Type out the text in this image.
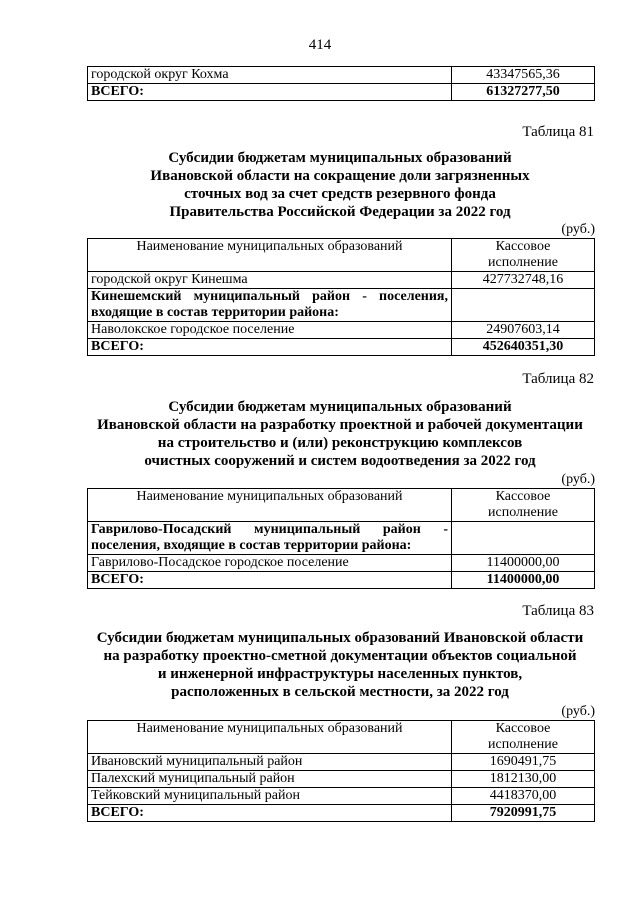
414
городской округ Кохма	43347565,36
ВСЕГО:	61327277,50
Таблица 81
Субсидии бюджетам муниципальных образований
Ивановской области на сокращение доли загрязненных
сточных вод за счет средств резервного фонда
Правительства Российской Федерации за 2022 год
(руб.)
Наименование муниципальных образований	Кассовое
исполнение
городской округ Кинешма	427732748,16
Кинешемский муниципальный район - поселения, входящие в состав территории района:	
Наволокское городское поселение	24907603,14
ВСЕГО:	452640351,30
Таблица 82
Субсидии бюджетам муниципальных образований
Ивановской области на разработку проектной и рабочей документации
на строительство и (или) реконструкцию комплексов
очистных сооружений и систем водоотведения за 2022 год
(руб.)
Наименование муниципальных образований	Кассовое
исполнение
Гаврилово-Посадский муниципальный район - поселения, входящие в состав территории района:	
Гаврилово-Посадское городское поселение	11400000,00
ВСЕГО:	11400000,00
Таблица 83
Субсидии бюджетам муниципальных образований Ивановской области
на разработку проектно-сметной документации объектов социальной
и инженерной инфраструктуры населенных пунктов,
расположенных в сельской местности, за 2022 год
(руб.)
Наименование муниципальных образований	Кассовое
исполнение
Ивановский муниципальный район	1690491,75
Палехский муниципальный район	1812130,00
Тейковский муниципальный район	4418370,00
ВСЕГО:	7920991,75
